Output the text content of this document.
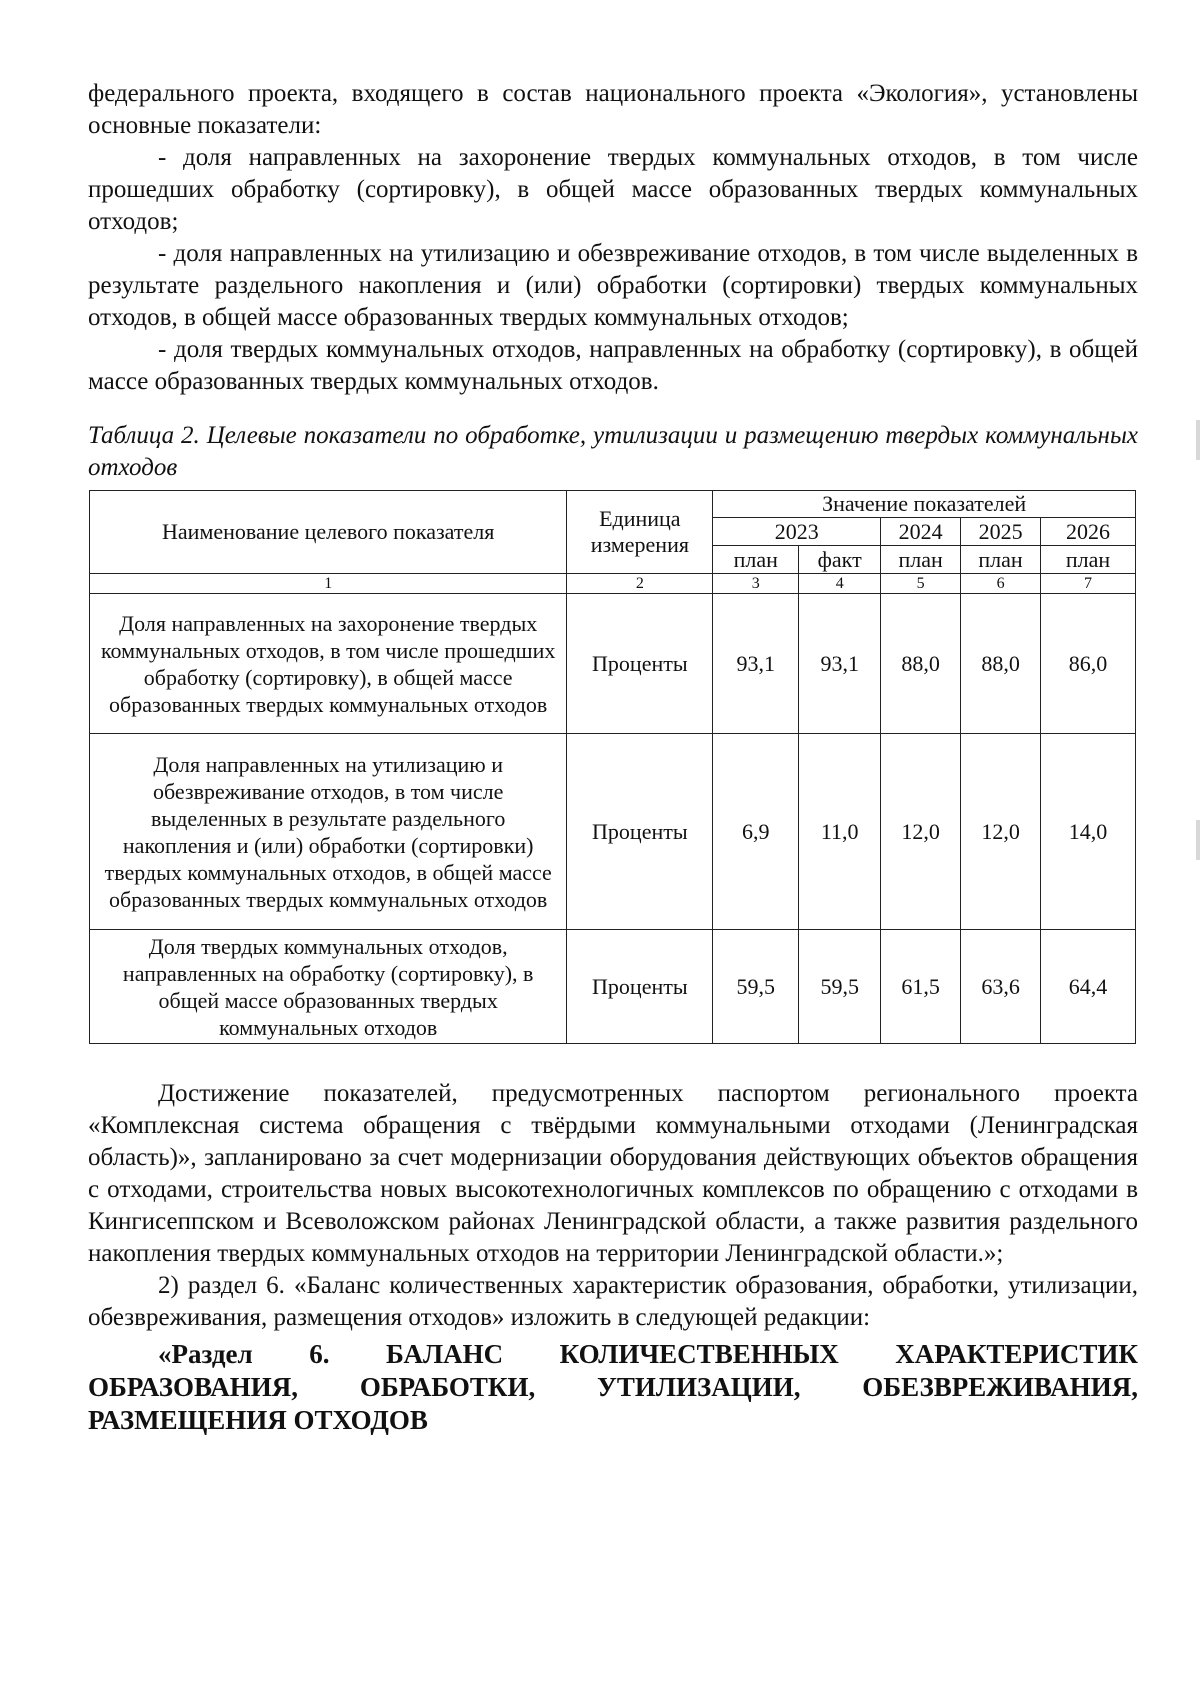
федерального проекта, входящего в состав национального проекта «Экология», установлены основные показатели:

- доля направленных на захоронение твердых коммунальных отходов, в том числе прошедших обработку (сортировку), в общей массе образованных твердых коммунальных отходов;

- доля направленных на утилизацию и обезвреживание отходов, в том числе выделенных в результате раздельного накопления и (или) обработки (сортировки) твердых коммунальных отходов, в общей массе образованных твердых коммунальных отходов;

- доля твердых коммунальных отходов, направленных на обработку (сортировку), в общей массе образованных твердых коммунальных отходов.

Таблица 2. Целевые показатели по обработке, утилизации и размещению твердых коммунальных отходов

Наименование целевого показателя	Единица измерения	Значение показателей				
		2023		2024	2025	2026
		план	факт	план	план	план
1	2	3	4	5	6	7
Доля направленных на захоронение твердых коммунальных отходов, в том числе прошедших обработку (сортировку), в общей массе образованных твердых коммунальных отходов	Проценты	93,1	93,1	88,0	88,0	86,0
Доля направленных на утилизацию и обезвреживание отходов, в том числе выделенных в результате раздельного накопления и (или) обработки (сортировки) твердых коммунальных отходов, в общей массе образованных твердых коммунальных отходов	Проценты	6,9	11,0	12,0	12,0	14,0
Доля твердых коммунальных отходов, направленных на обработку (сортировку), в общей массе образованных твердых коммунальных отходов	Проценты	59,5	59,5	61,5	63,6	64,4

Достижение показателей, предусмотренных паспортом регионального проекта «Комплексная система обращения с твёрдыми коммунальными отходами (Ленинградская область)», запланировано за счет модернизации оборудования действующих объектов обращения с отходами, строительства новых высокотехнологичных комплексов по обращению с отходами в Кингисеппском и Всеволожском районах Ленинградской области, а также развития раздельного накопления твердых коммунальных отходов на территории Ленинградской области.»;

2) раздел 6. «Баланс количественных характеристик образования, обработки, утилизации, обезвреживания, размещения отходов» изложить в следующей редакции:

«Раздел 6. БАЛАНС КОЛИЧЕСТВЕННЫХ ХАРАКТЕРИСТИК ОБРАЗОВАНИЯ, ОБРАБОТКИ, УТИЛИЗАЦИИ, ОБЕЗВРЕЖИВАНИЯ, РАЗМЕЩЕНИЯ ОТХОДОВ
